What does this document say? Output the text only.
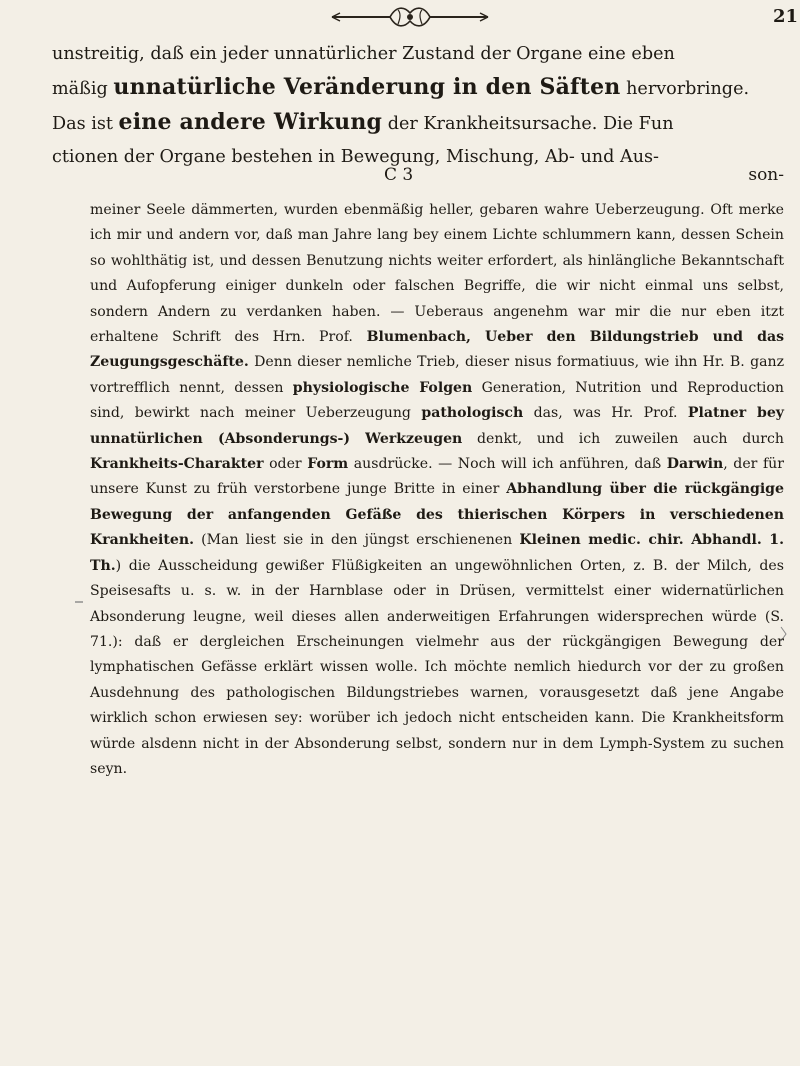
21

unstreitig, daß ein jeder unnatürlicher Zustand der Organe eine eben

mäßig unnatürliche Veränderung in den Säften hervorbringe.

Das ist eine andere Wirkung der Krankheitsursache. Die Fun

ctionen der Organe bestehen in Bewegung, Mischung, Ab- und Aus-

C 3	son-

meiner Seele dämmerten, wurden ebenmäßig heller, gebaren wahre Ueberzeugung. Oft merke ich mir und andern vor, daß man Jahre lang bey einem Lichte schlummern kann, dessen Schein so wohlthätig ist, und dessen Benutzung nichts weiter erfordert, als hinlängliche Bekanntschaft und Aufopferung einiger dunkeln oder falschen Begriffe, die wir nicht einmal uns selbst, sondern Andern zu verdanken haben. — Ueberaus angenehm war mir die nur eben itzt erhaltene Schrift des Hrn. Prof. Blumenbach, Ueber den Bildungstrieb und das Zeugungsgeschäfte. Denn dieser nemliche Trieb, dieser nisus formatiuus, wie ihn Hr. B. ganz vortrefflich nennt, dessen physiologische Folgen Generation, Nutrition und Reproduction sind, bewirkt nach meiner Ueberzeugung pathologisch das, was Hr. Prof. Platner bey unnatürlichen (Absonderungs-) Werkzeugen denkt, und ich zuweilen auch durch Krankheits-Charakter oder Form ausdrücke. — Noch will ich anführen, daß Darwin, der für unsere Kunst zu früh verstorbene junge Britte in einer Abhandlung über die rückgängige Bewegung der anfangenden Gefäße des thierischen Körpers in verschiedenen Krankheiten. (Man liest sie in den jüngst erschienenen Kleinen medic. chir. Abhandl. 1. Th.) die Ausscheidung gewißer Flüßigkeiten an ungewöhnlichen Orten, z. B. der Milch, des Speisesafts u. s. w. in der Harnblase oder in Drüsen, vermittelst einer widernatürlichen Absonderung leugne, weil dieses allen anderweitigen Erfahrungen widersprechen würde (S. 71.): daß er dergleichen Erscheinungen vielmehr aus der rückgängigen Bewegung der lymphatischen Gefässe erklärt wissen wolle. Ich möchte nemlich hiedurch vor der zu großen Ausdehnung des pathologischen Bildungstriebes warnen, vorausgesetzt daß jene Angabe wirklich schon erwiesen sey: worüber ich jedoch nicht entscheiden kann. Die Krankheitsform würde alsdenn nicht in der Absonderung selbst, sondern nur in dem Lymph-System zu suchen seyn.
